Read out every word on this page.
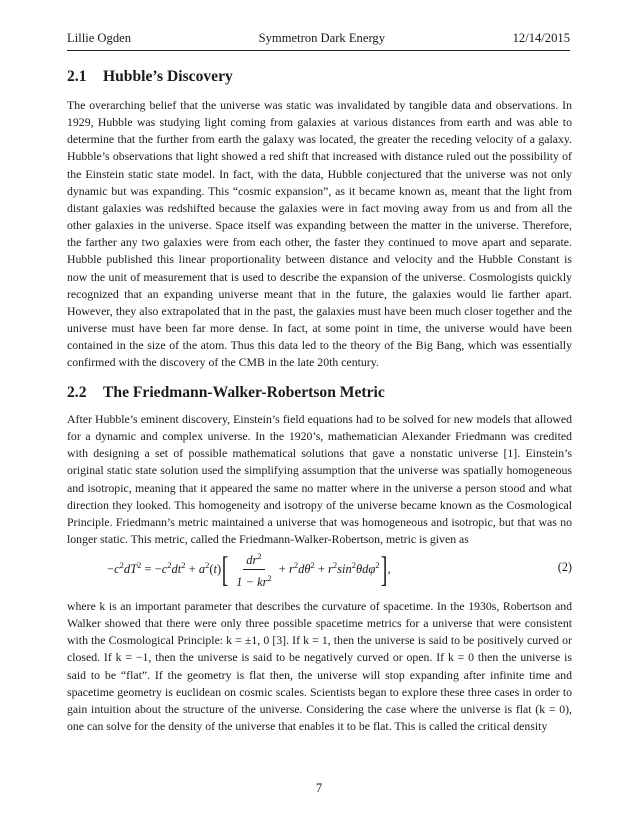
Lillie Ogden	Symmetron Dark Energy	12/14/2015
2.1 Hubble’s Discovery

The overarching belief that the universe was static was invalidated by tangible data and observations. In 1929, Hubble was studying light coming from galaxies at various distances from earth and was able to determine that the further from earth the galaxy was located, the greater the receding velocity of a galaxy. Hubble’s observations that light showed a red shift that increased with distance ruled out the possibility of the Einstein static state model. In fact, with the data, Hubble conjectured that the universe was not only dynamic but was expanding. This “cosmic expansion”, as it became known as, meant that the light from distant galaxies was redshifted because the galaxies were in fact moving away from us and from all the other galaxies in the universe. Space itself was expanding between the matter in the universe. Therefore, the farther any two galaxies were from each other, the faster they continued to move apart and separate. Hubble published this linear proportionality between distance and velocity and the Hubble Constant is now the unit of measurement that is used to describe the expansion of the universe. Cosmologists quickly recognized that an expanding universe meant that in the future, the galaxies would lie farther apart. However, they also extrapolated that in the past, the galaxies must have been much closer together and the universe must have been far more dense. In fact, at some point in time, the universe would have been contained in the size of the atom. Thus this data led to the theory of the Big Bang, which was essentially confirmed with the discovery of the CMB in the late 20th century.

2.2 The Friedmann-Walker-Robertson Metric

After Hubble’s eminent discovery, Einstein’s field equations had to be solved for new models that allowed for a dynamic and complex universe. In the 1920’s, mathematician Alexander Friedmann was credited with designing a set of possible mathematical solutions that gave a nonstatic universe [1]. Einstein’s original static state solution used the simplifying assumption that the universe was spatially homogeneous and isotropic, meaning that it appeared the same no matter where in the universe a person stood and what direction they looked. This homogeneity and isotropy of the universe became known as the Cosmological Principle. Friedmann’s metric maintained a universe that was homogeneous and isotropic, but that was no longer static. This metric, called the Friedmann-Walker-Robertson, metric is given as

$-c^2dT^2 = -c^2dt^2 + a^2(t)$ [ $\frac{dr^2}{1 - kr^2} + r^2d\theta^2 + r^2\sin^2\theta d\varphi^2$ ] ,	(2)

where k is an important parameter that describes the curvature of spacetime. In the 1930s, Robertson and Walker showed that there were only three possible spacetime metrics for a universe that were consistent with the Cosmological Principle: k = ±1, 0 [3]. If k = 1, then the universe is said to be positively curved or closed. If k = −1, then the universe is said to be negatively curved or open. If k = 0 then the universe is said to be “flat”. If the geometry is flat then, the universe will stop expanding after infinite time and spacetime geometry is euclidean on cosmic scales. Scientists began to explore these three cases in order to gain intuition about the structure of the universe. Considering the case where the universe is flat (k = 0), one can solve for the density of the universe that enables it to be flat. This is called the critical density

7
